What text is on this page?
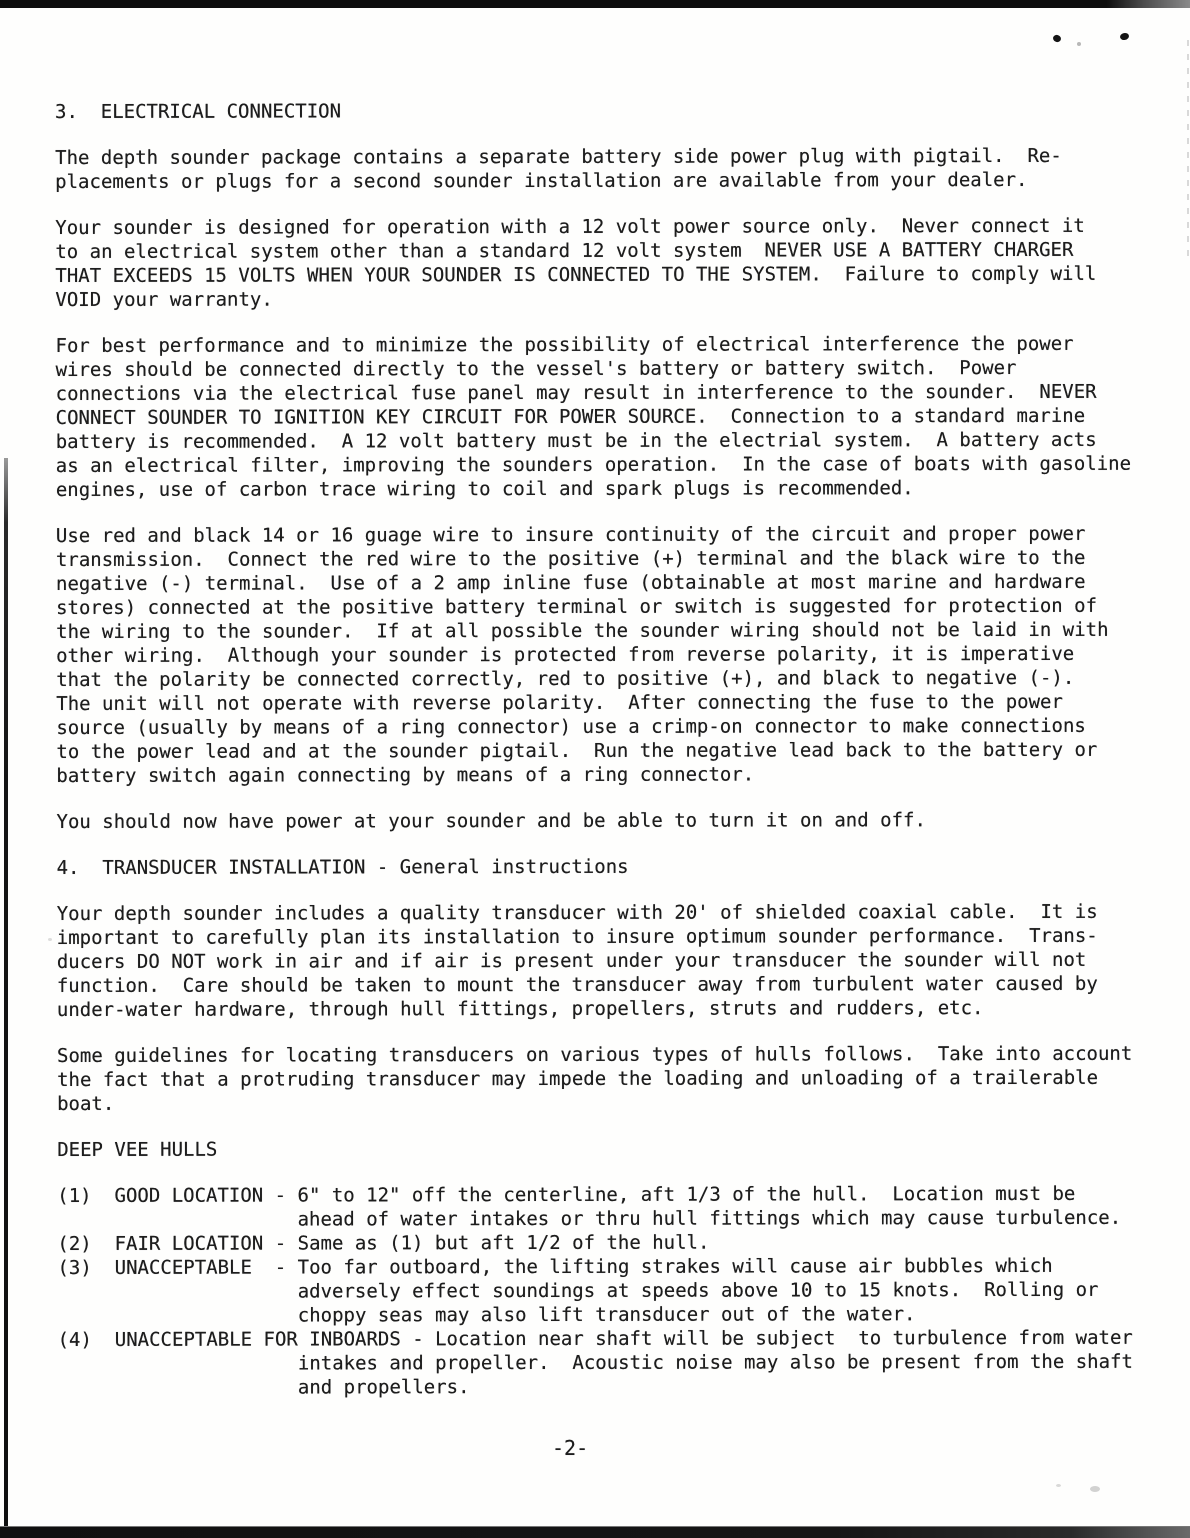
3.  ELECTRICAL CONNECTION
The depth sounder package contains a separate battery side power plug with pigtail.  Re-
placements or plugs for a second sounder installation are available from your dealer.
Your sounder is designed for operation with a 12 volt power source only.  Never connect it
to an electrical system other than a standard 12 volt system  NEVER USE A BATTERY CHARGER
THAT EXCEEDS 15 VOLTS WHEN YOUR SOUNDER IS CONNECTED TO THE SYSTEM.  Failure to comply will
VOID your warranty.
For best performance and to minimize the possibility of electrical interference the power
wires should be connected directly to the vessel's battery or battery switch.  Power
connections via the electrical fuse panel may result in interference to the sounder.  NEVER
CONNECT SOUNDER TO IGNITION KEY CIRCUIT FOR POWER SOURCE.  Connection to a standard marine
battery is recommended.  A 12 volt battery must be in the electrial system.  A battery acts
as an electrical filter, improving the sounders operation.  In the case of boats with gasoline
engines, use of carbon trace wiring to coil and spark plugs is recommended.
Use red and black 14 or 16 guage wire to insure continuity of the circuit and proper power
transmission.  Connect the red wire to the positive (+) terminal and the black wire to the
negative (-) terminal.  Use of a 2 amp inline fuse (obtainable at most marine and hardware
stores) connected at the positive battery terminal or switch is suggested for protection of
the wiring to the sounder.  If at all possible the sounder wiring should not be laid in with
other wiring.  Although your sounder is protected from reverse polarity, it is imperative
that the polarity be connected correctly, red to positive (+), and black to negative (-).
The unit will not operate with reverse polarity.  After connecting the fuse to the power
source (usually by means of a ring connector) use a crimp-on connector to make connections
to the power lead and at the sounder pigtail.  Run the negative lead back to the battery or
battery switch again connecting by means of a ring connector.
You should now have power at your sounder and be able to turn it on and off.
4.  TRANSDUCER INSTALLATION - General instructions
Your depth sounder includes a quality transducer with 20' of shielded coaxial cable.  It is
important to carefully plan its installation to insure optimum sounder performance.  Trans-
ducers DO NOT work in air and if air is present under your transducer the sounder will not
function.  Care should be taken to mount the transducer away from turbulent water caused by
under-water hardware, through hull fittings, propellers, struts and rudders, etc.
Some guidelines for locating transducers on various types of hulls follows.  Take into account
the fact that a protruding transducer may impede the loading and unloading of a trailerable
boat.
DEEP VEE HULLS
(1)  GOOD LOCATION - 6" to 12" off the centerline, aft 1/3 of the hull.  Location must be
ahead of water intakes or thru hull fittings which may cause turbulence.
(2)  FAIR LOCATION - Same as (1) but aft 1/2 of the hull.
(3)  UNACCEPTABLE  - Too far outboard, the lifting strakes will cause air bubbles which
adversely effect soundings at speeds above 10 to 15 knots.  Rolling or
choppy seas may also lift transducer out of the water.
(4)  UNACCEPTABLE FOR INBOARDS - Location near shaft will be subject  to turbulence from water
intakes and propeller.  Acoustic noise may also be present from the shaft
and propellers.
-2-
